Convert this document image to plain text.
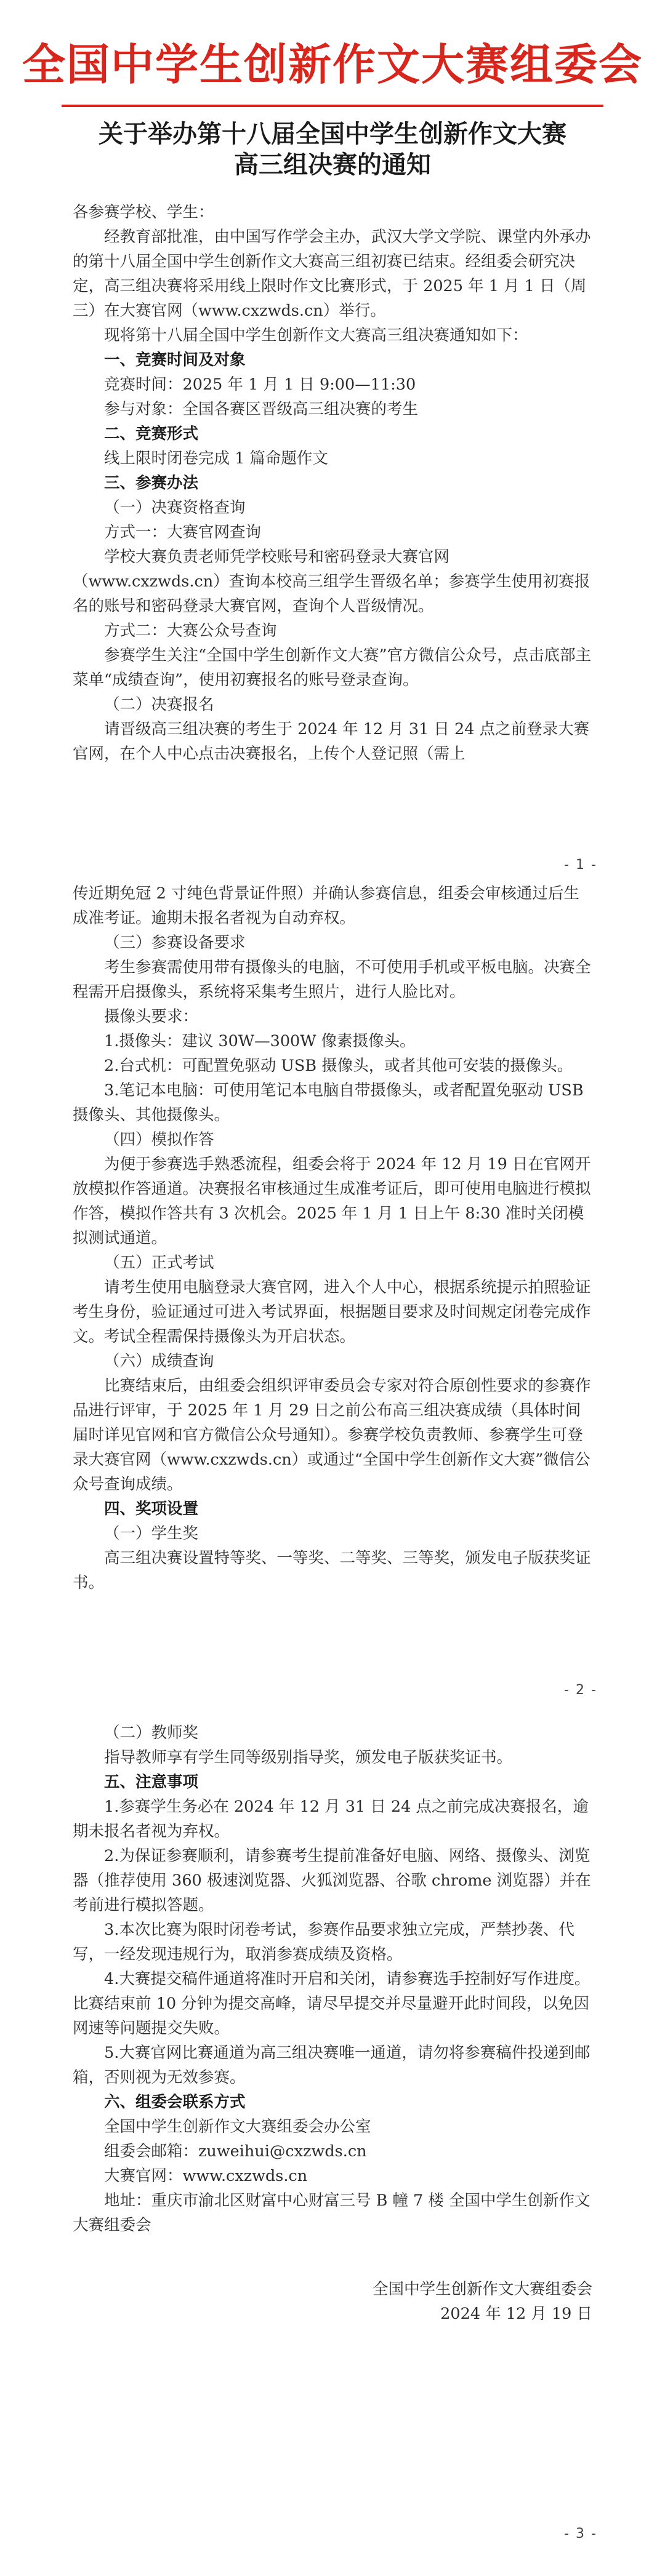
全国中学生创新作文大赛组委会
关于举办第十八届全国中学生创新作文大赛
高三组决赛的通知

各参赛学校、学生：

经教育部批准，由中国写作学会主办，武汉大学文学院、课堂内外承办的第十八届全国中学生创新作文大赛高三组初赛已结束。经组委会研究决定，高三组决赛将采用线上限时作文比赛形式，于 2025 年 1 月 1 日（周三）在大赛官网（www.cxzwds.cn）举行。

现将第十八届全国中学生创新作文大赛高三组决赛通知如下：

一、竞赛时间及对象

竞赛时间：2025 年 1 月 1 日 9:00—11:30

参与对象：全国各赛区晋级高三组决赛的考生

二、竞赛形式

线上限时闭卷完成 1 篇命题作文

三、参赛办法

（一）决赛资格查询

方式一：大赛官网查询

学校大赛负责老师凭学校账号和密码登录大赛官网（www.cxzwds.cn）查询本校高三组学生晋级名单；参赛学生使用初赛报名的账号和密码登录大赛官网，查询个人晋级情况。

方式二：大赛公众号查询

参赛学生关注“全国中学生创新作文大赛”官方微信公众号，点击底部主菜单“成绩查询”，使用初赛报名的账号登录查询。

（二）决赛报名

请晋级高三组决赛的考生于 2024 年 12 月 31 日 24 点之前登录大赛官网，在个人中心点击决赛报名，上传个人登记照（需上

- 1 -

传近期免冠 2 寸纯色背景证件照）并确认参赛信息，组委会审核通过后生成准考证。逾期未报名者视为自动弃权。

（三）参赛设备要求

考生参赛需使用带有摄像头的电脑，不可使用手机或平板电脑。决赛全程需开启摄像头，系统将采集考生照片，进行人脸比对。

摄像头要求：

1.摄像头：建议 30W—300W 像素摄像头。

2.台式机：可配置免驱动 USB 摄像头，或者其他可安装的摄像头。

3.笔记本电脑：可使用笔记本电脑自带摄像头，或者配置免驱动 USB 摄像头、其他摄像头。

（四）模拟作答

为便于参赛选手熟悉流程，组委会将于 2024 年 12 月 19 日在官网开放模拟作答通道。决赛报名审核通过生成准考证后，即可使用电脑进行模拟作答，模拟作答共有 3 次机会。2025 年 1 月 1 日上午 8:30 准时关闭模拟测试通道。

（五）正式考试

请考生使用电脑登录大赛官网，进入个人中心，根据系统提示拍照验证考生身份，验证通过可进入考试界面，根据题目要求及时间规定闭卷完成作文。考试全程需保持摄像头为开启状态。

（六）成绩查询

比赛结束后，由组委会组织评审委员会专家对符合原创性要求的参赛作品进行评审，于 2025 年 1 月 29 日之前公布高三组决赛成绩（具体时间届时详见官网和官方微信公众号通知）。参赛学校负责教师、参赛学生可登录大赛官网（www.cxzwds.cn）或通过“全国中学生创新作文大赛”微信公众号查询成绩。

四、奖项设置

（一）学生奖

高三组决赛设置特等奖、一等奖、二等奖、三等奖，颁发电子版获奖证书。

- 2 -

（二）教师奖

指导教师享有学生同等级别指导奖，颁发电子版获奖证书。

五、注意事项

1.参赛学生务必在 2024 年 12 月 31 日 24 点之前完成决赛报名，逾期未报名者视为弃权。

2.为保证参赛顺利，请参赛考生提前准备好电脑、网络、摄像头、浏览器（推荐使用 360 极速浏览器、火狐浏览器、谷歌 chrome 浏览器）并在考前进行模拟答题。

3.本次比赛为限时闭卷考试，参赛作品要求独立完成，严禁抄袭、代写，一经发现违规行为，取消参赛成绩及资格。

4.大赛提交稿件通道将准时开启和关闭，请参赛选手控制好写作进度。比赛结束前 10 分钟为提交高峰，请尽早提交并尽量避开此时间段，以免因网速等问题提交失败。

5.大赛官网比赛通道为高三组决赛唯一通道，请勿将参赛稿件投递到邮箱，否则视为无效参赛。

六、组委会联系方式

全国中学生创新作文大赛组委会办公室

组委会邮箱：zuweihui@cxzwds.cn

大赛官网：www.cxzwds.cn

地址：重庆市渝北区财富中心财富三号 B 幢 7 楼 全国中学生创新作文大赛组委会

全国中学生创新作文大赛组委会

2024 年 12 月 19 日

- 3 -
